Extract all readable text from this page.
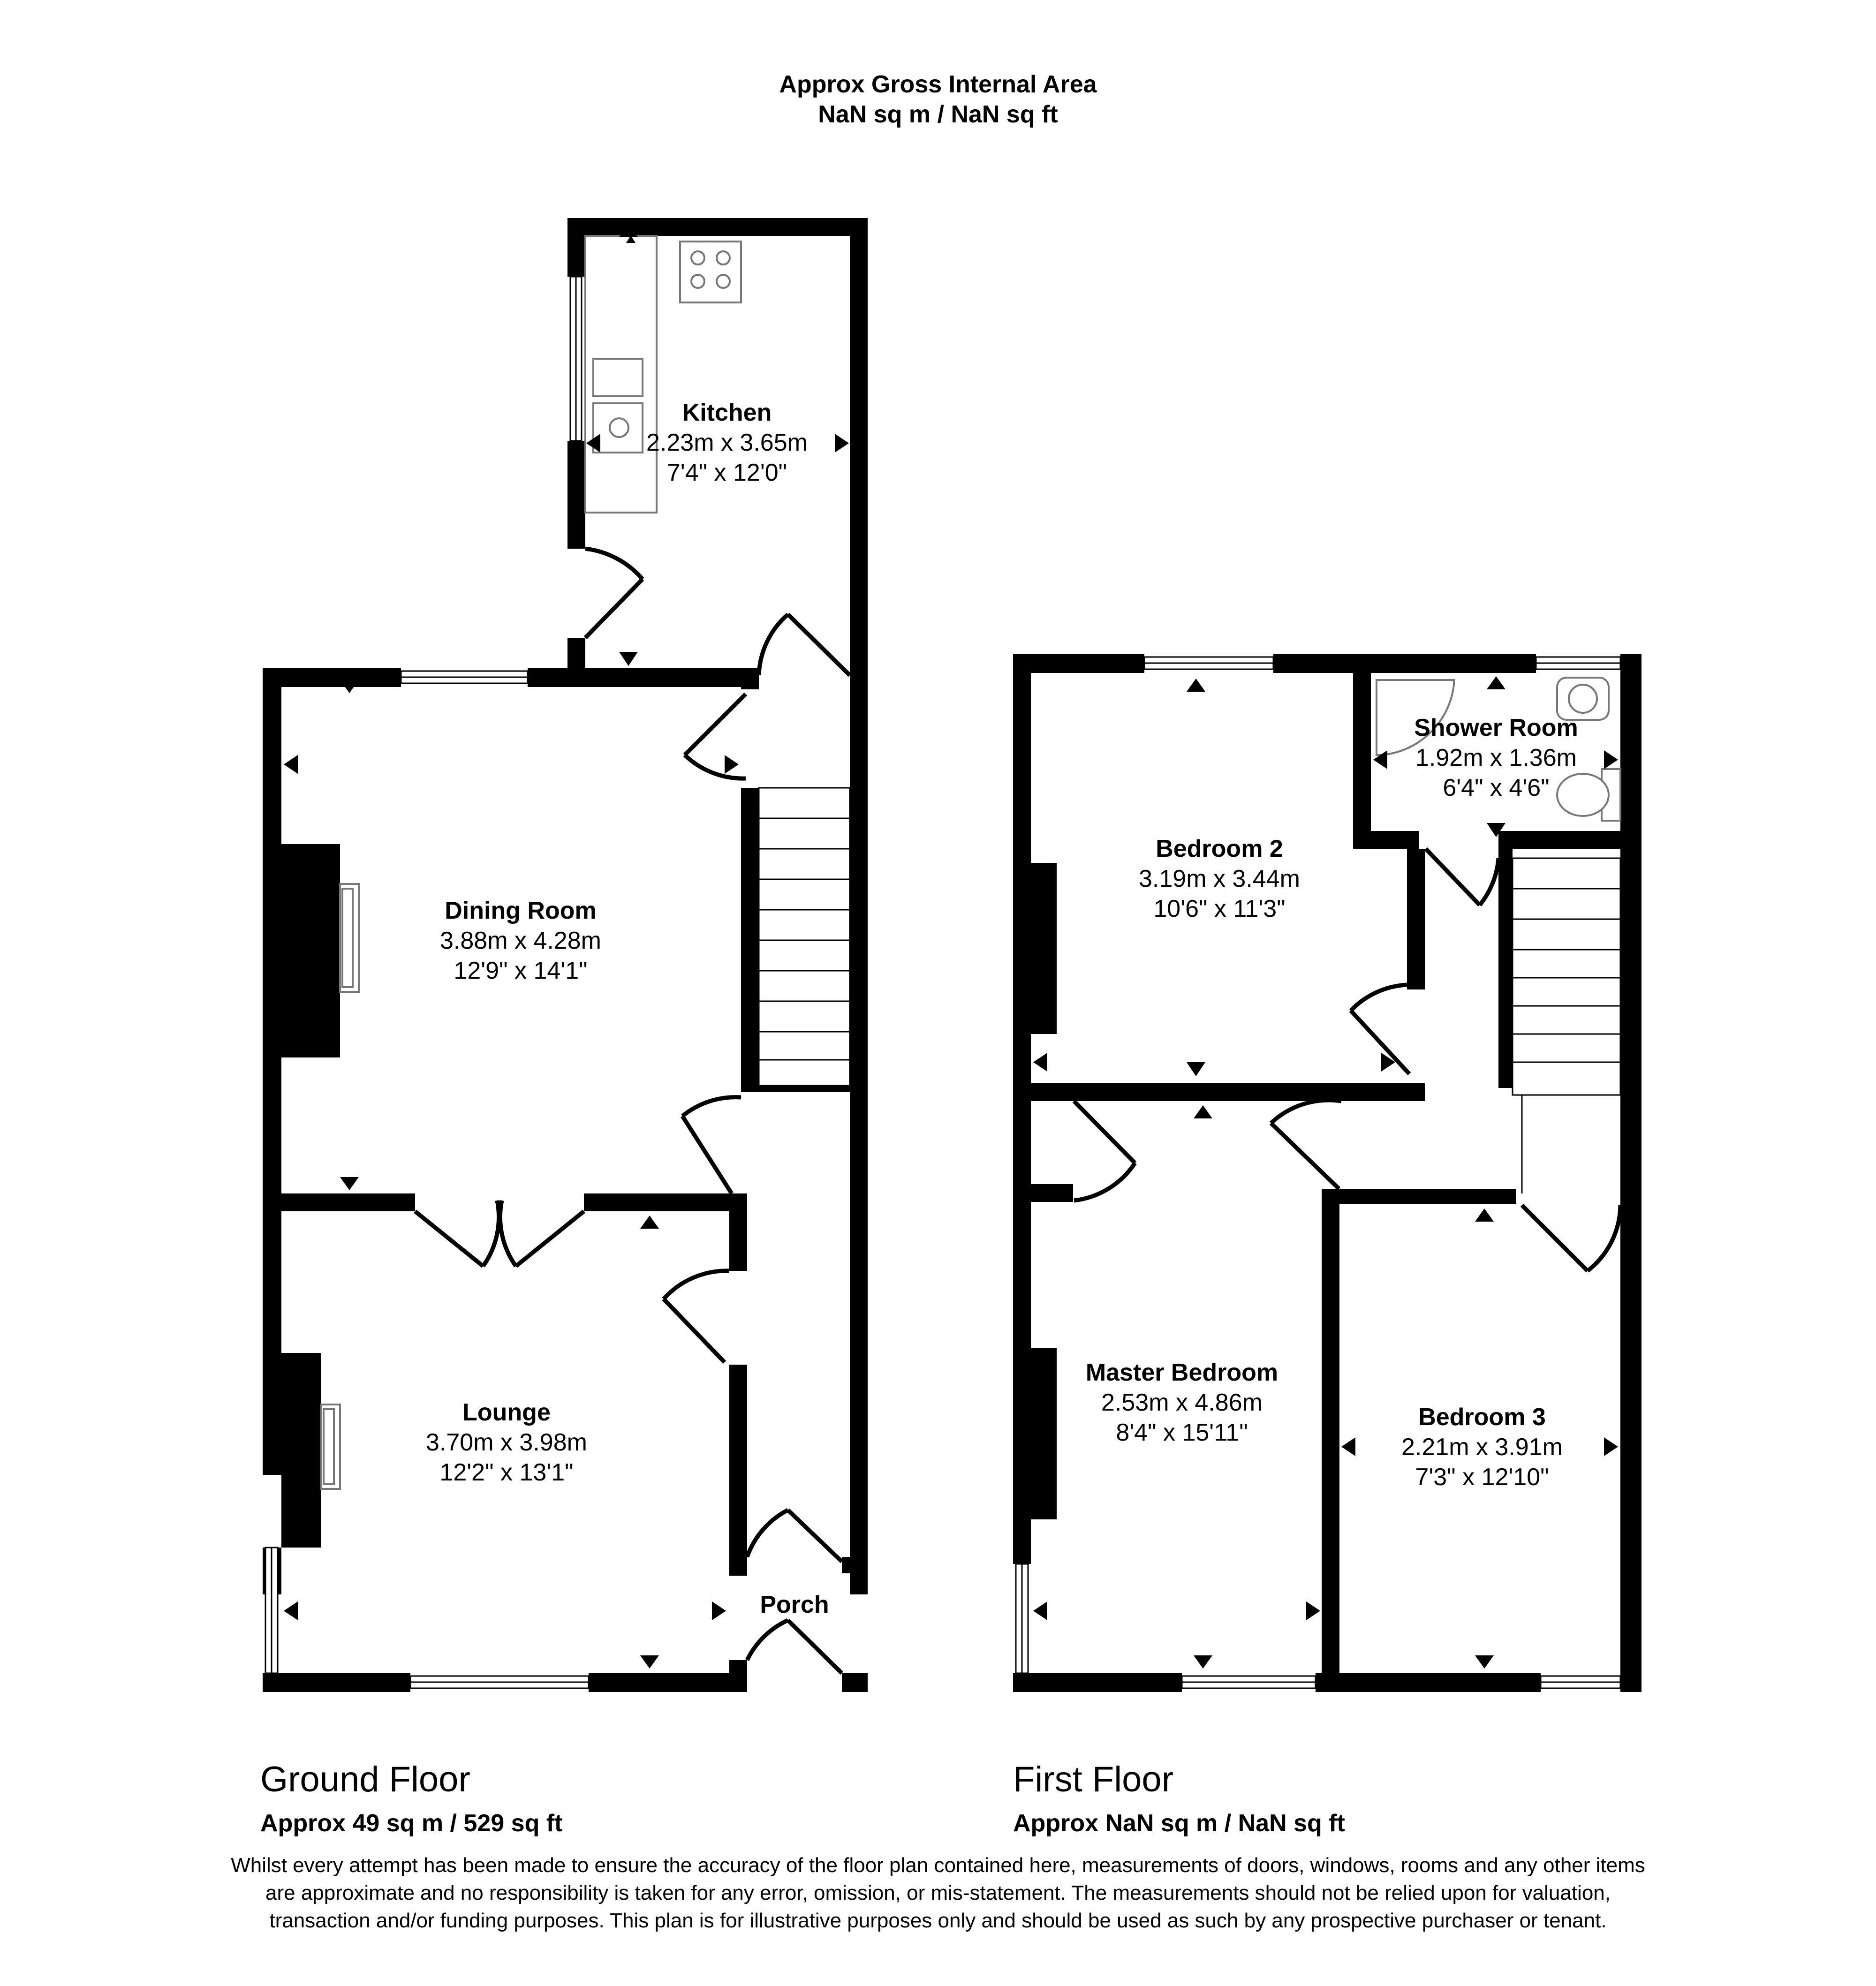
Approx Gross Internal Area
NaN sq m / NaN sq ft
Kitchen
2.23m x 3.65m
7'4" x 12'0"
Dining Room
3.88m x 4.28m
12'9" x 14'1"
Lounge
3.70m x 3.98m
12'2" x 13'1"
Porch
Bedroom 2
3.19m x 3.44m
10'6" x 11'3"
Shower Room
1.92m x 1.36m
6'4" x 4'6"
Master Bedroom
2.53m x 4.86m
8'4" x 15'11"
Bedroom 3
2.21m x 3.91m
7'3" x 12'10"
Ground Floor
Approx 49 sq m / 529 sq ft
First Floor
Approx NaN sq m / NaN sq ft
Whilst every attempt has been made to ensure the accuracy of the floor plan contained here, measurements of doors, windows, rooms and any other items are approximate and no responsibility is taken for any error, omission, or mis-statement. The measurements should not be relied upon for valuation, transaction and/or funding purposes. This plan is for illustrative purposes only and should be used as such by any prospective purchaser or tenant.
